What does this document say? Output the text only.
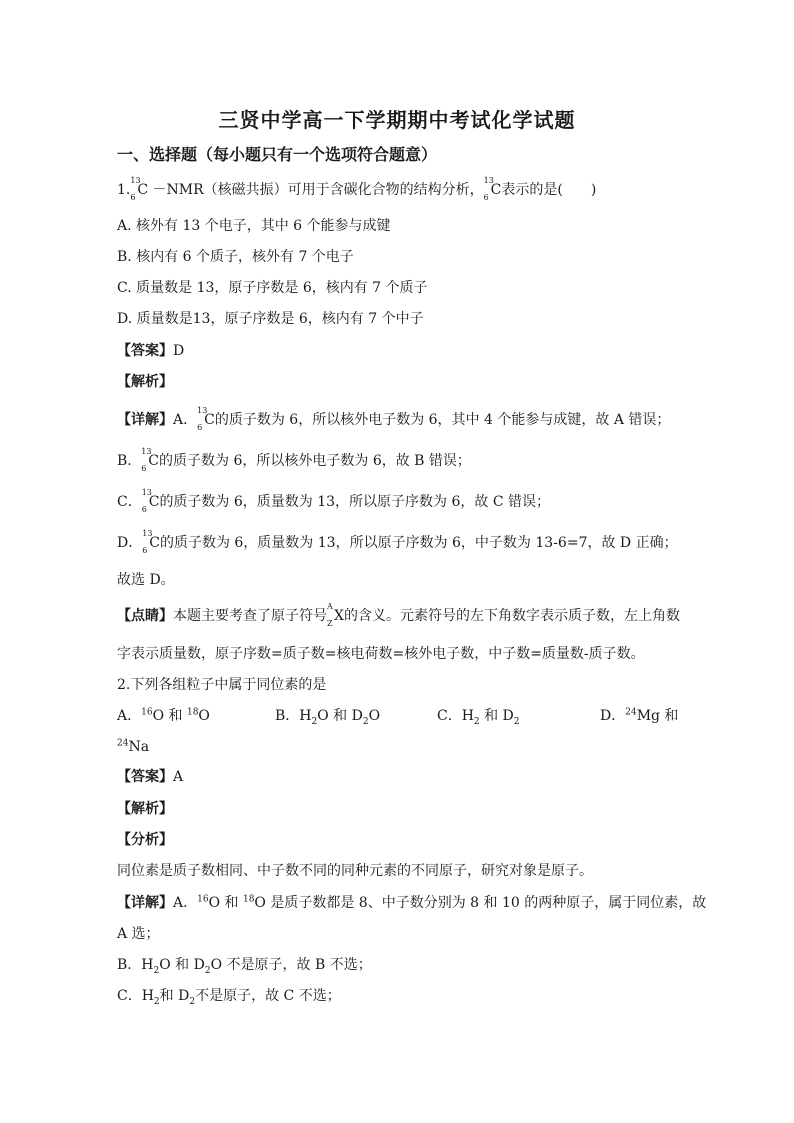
三贤中学高一下学期期中考试化学试题
一、选择题（每小题只有一个选项符合题意）
1.
13
6 C －NMR（核磁共振）可用于含碳化合物的结构分析，
13
6 C表示的是(　　)
A. 核外有 13 个电子，其中 6 个能参与成键
B. 核内有 6 个质子，核外有 7 个电子
C. 质量数是 13，原子序数是 6，核内有 7 个质子
D. 质量数是13，原子序数是 6，核内有 7 个中子
【答案】D
【解析】
【详解】A．
13
6 C的质子数为 6，所以核外电子数为 6，其中 4 个能参与成键，故 A 错误；
B．
13
6 C的质子数为 6，所以核外电子数为 6，故 B 错误；
C．
13
6 C的质子数为 6，质量数为 13，所以原子序数为 6，故 C 错误；
D．
13
6 C的质子数为 6，质量数为 13，所以原子序数为 6，中子数为 13-6=7，故 D 正确；
故选 D。
【点睛】本题主要考查了原子符号
A
Z X的含义。元素符号的左下角数字表示质子数，左上角数
字表示质量数，原子序数=质子数=核电荷数=核外电子数，中子数=质量数-质子数。
2.下列各组粒子中属于同位素的是
A．$^{16}$O 和 $^{18}$O	B．$H_2O$ 和 $D_2O$	C．$H_2$ 和 $D_2$	D．$^{24}$Mg 和
$^{24}$Na
【答案】A
【解析】
【分析】
同位素是质子数相同、中子数不同的同种元素的不同原子，研究对象是原子。
【详解】A．$^{16}$O 和 $^{18}$O 是质子数都是 8、中子数分别为 8 和 10 的两种原子，属于同位素，故
A 选；
B．$H_2O$ 和 $D_2O$ 不是原子，故 B 不选；
C．$H_2$和 $D_2$不是原子，故 C 不选；
